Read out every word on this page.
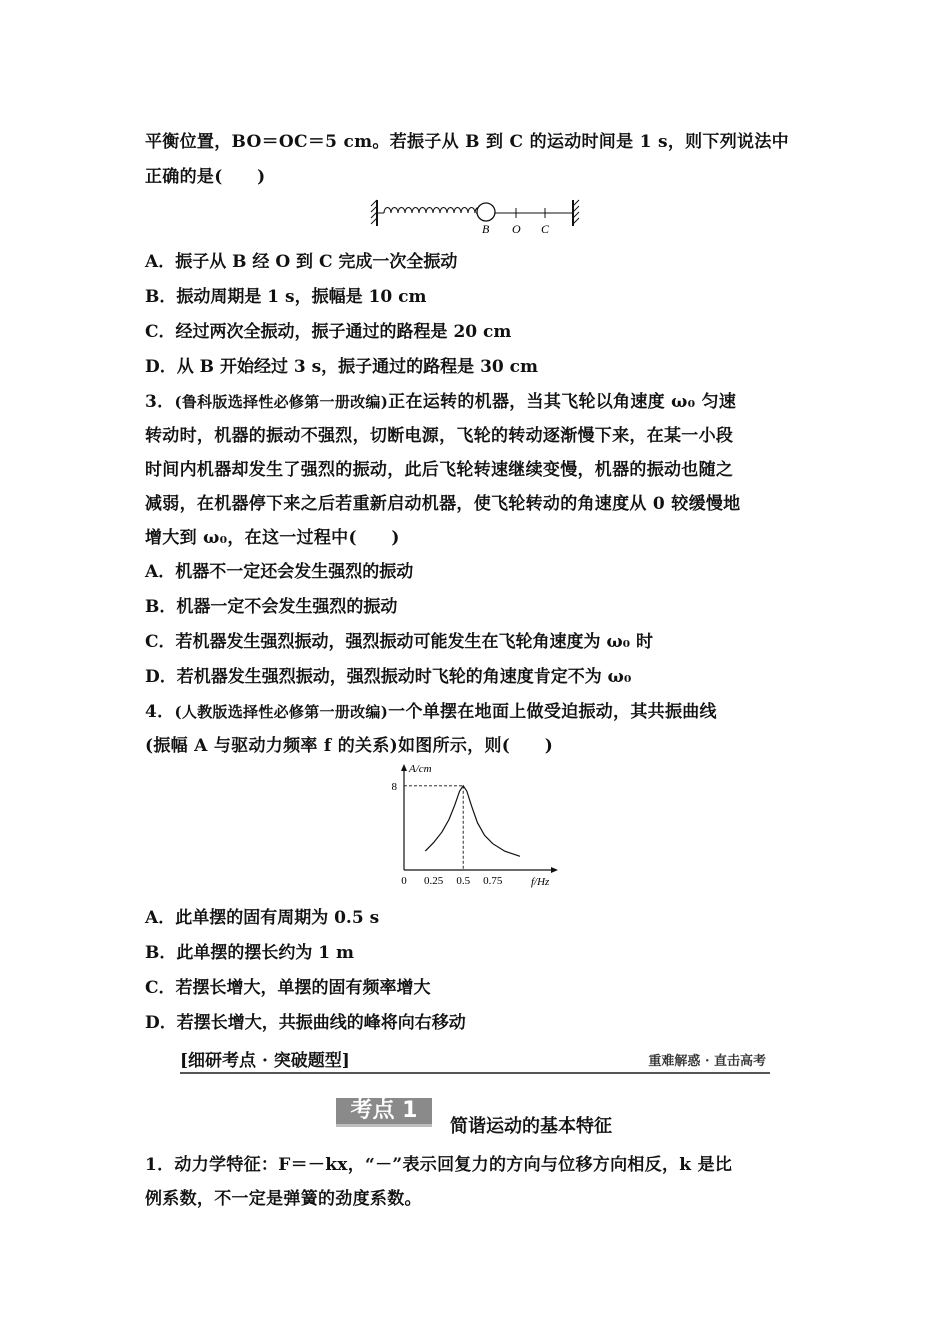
平衡位置，BO＝OC＝5 cm。若振子从 B 到 C 的运动时间是 1 s，则下列说法中
正确的是(　　)
B O C
A．振子从 B 经 O 到 C 完成一次全振动
B．振动周期是 1 s，振幅是 10 cm
C．经过两次全振动，振子通过的路程是 20 cm
D．从 B 开始经过 3 s，振子通过的路程是 30 cm
3．(鲁科版选择性必修第一册改编)正在运转的机器，当其飞轮以角速度 ω₀ 匀速
转动时，机器的振动不强烈，切断电源，飞轮的转动逐渐慢下来，在某一小段
时间内机器却发生了强烈的振动，此后飞轮转速继续变慢，机器的振动也随之
减弱，在机器停下来之后若重新启动机器，使飞轮转动的角速度从 0 较缓慢地
增大到 ω₀，在这一过程中(　　)
A．机器不一定还会发生强烈的振动
B．机器一定不会发生强烈的振动
C．若机器发生强烈振动，强烈振动可能发生在飞轮角速度为 ω₀ 时
D．若机器发生强烈振动，强烈振动时飞轮的角速度肯定不为 ω₀
4．(人教版选择性必修第一册改编)一个单摆在地面上做受迫振动，其共振曲线
(振幅 A 与驱动力频率 f 的关系)如图所示，则(　　)
A/cm
8
0 0.25 0.5 0.75	f/Hz
A．此单摆的固有周期为 0.5 s
B．此单摆的摆长约为 1 m
C．若摆长增大，单摆的固有频率增大
D．若摆长增大，共振曲线的峰将向右移动
[细研考点 · 突破题型]	重难解惑 · 直击高考
考点 1
简谐运动的基本特征
1．动力学特征：F＝－kx，“－”表示回复力的方向与位移方向相反，k 是比
例系数，不一定是弹簧的劲度系数。
